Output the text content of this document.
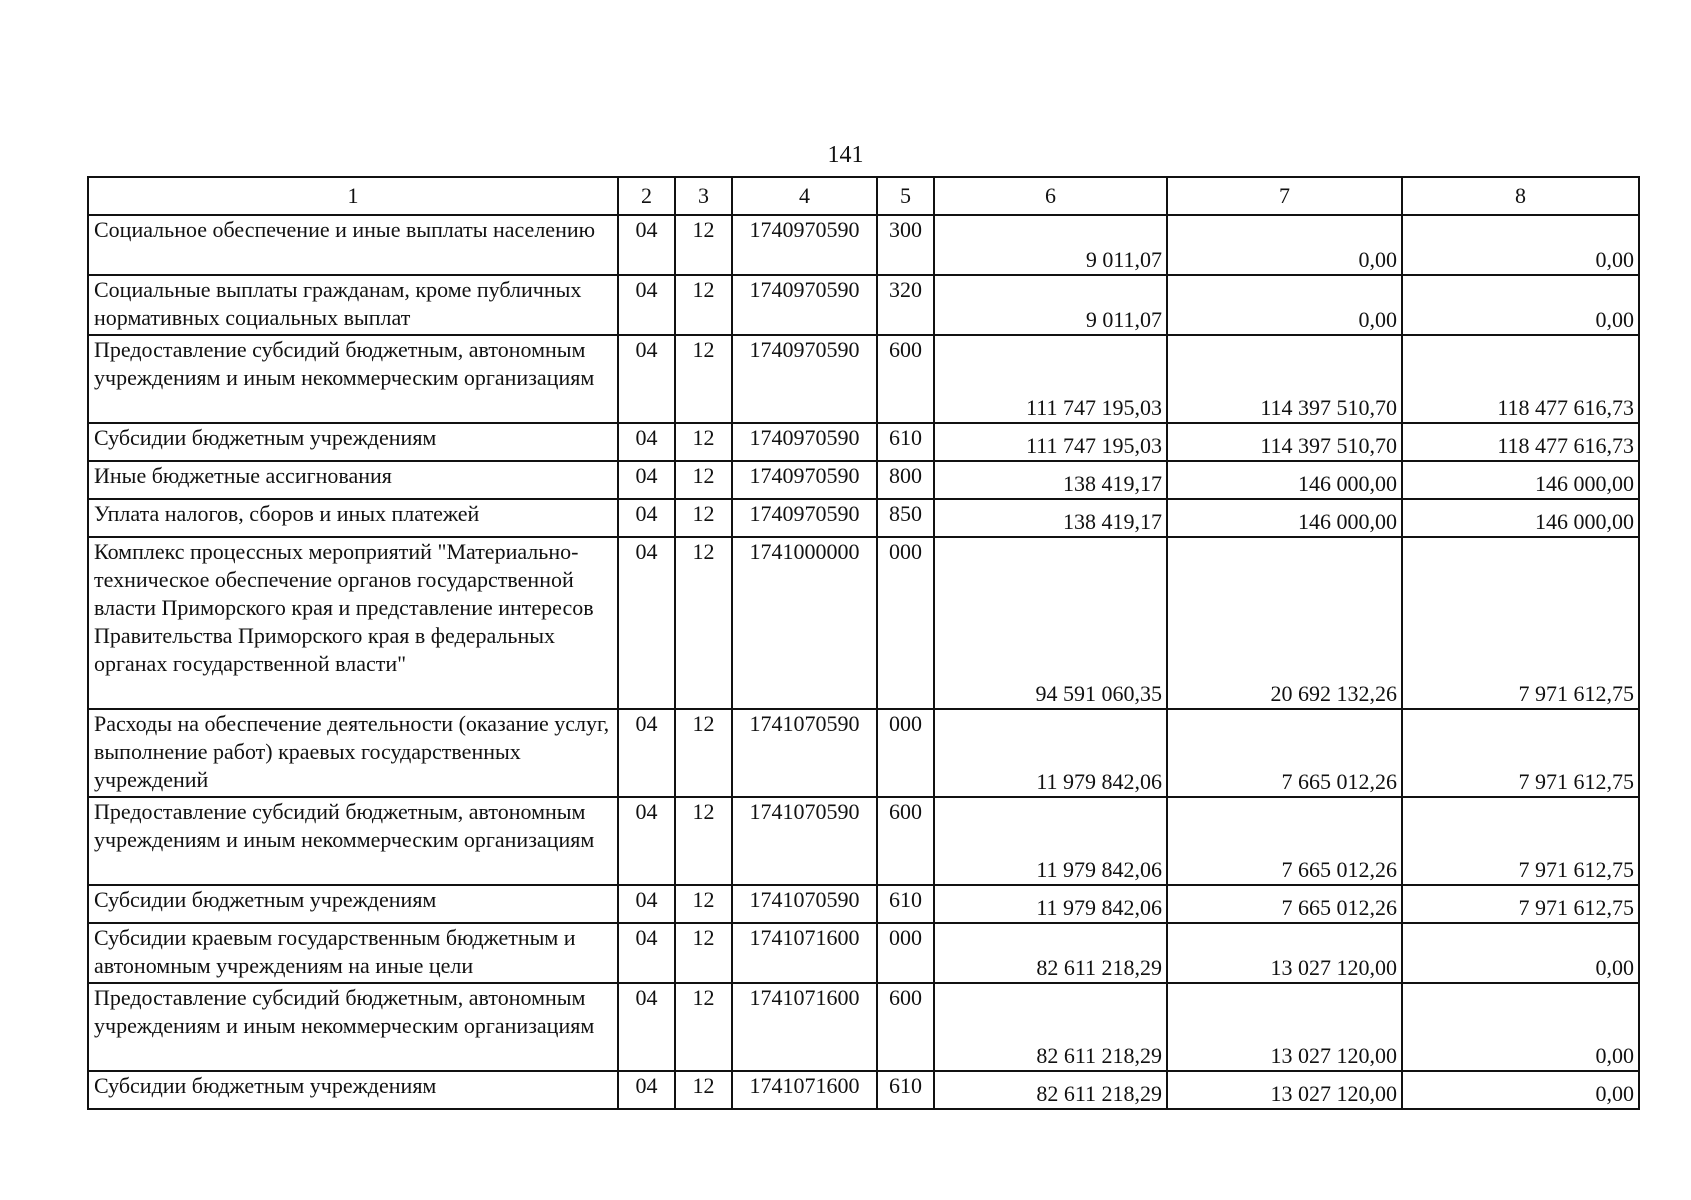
141
1	2	3	4	5	6	7	8
Социальное обеспечение и иные выплаты населению	04	12	1740970590	300	9 011,07	0,00	0,00
Социальные выплаты гражданам, кроме публичных нормативных социальных выплат	04	12	1740970590	320	9 011,07	0,00	0,00
Предоставление субсидий бюджетным, автономным учреждениям и иным некоммерческим организациям	04	12	1740970590	600	111 747 195,03	114 397 510,70	118 477 616,73
Субсидии бюджетным учреждениям	04	12	1740970590	610	111 747 195,03	114 397 510,70	118 477 616,73
Иные бюджетные ассигнования	04	12	1740970590	800	138 419,17	146 000,00	146 000,00
Уплата налогов, сборов и иных платежей	04	12	1740970590	850	138 419,17	146 000,00	146 000,00
Комплекс процессных мероприятий "Материально-техническое обеспечение органов государственной власти Приморского края и представление интересов Правительства Приморского края в федеральных органах государственной власти"	04	12	1741000000	000	94 591 060,35	20 692 132,26	7 971 612,75
Расходы на обеспечение деятельности (оказание услуг, выполнение работ) краевых государственных учреждений	04	12	1741070590	000	11 979 842,06	7 665 012,26	7 971 612,75
Предоставление субсидий бюджетным, автономным учреждениям и иным некоммерческим организациям	04	12	1741070590	600	11 979 842,06	7 665 012,26	7 971 612,75
Субсидии бюджетным учреждениям	04	12	1741070590	610	11 979 842,06	7 665 012,26	7 971 612,75
Субсидии краевым государственным бюджетным и автономным учреждениям на иные цели	04	12	1741071600	000	82 611 218,29	13 027 120,00	0,00
Предоставление субсидий бюджетным, автономным учреждениям и иным некоммерческим организациям	04	12	1741071600	600	82 611 218,29	13 027 120,00	0,00
Субсидии бюджетным учреждениям	04	12	1741071600	610	82 611 218,29	13 027 120,00	0,00
